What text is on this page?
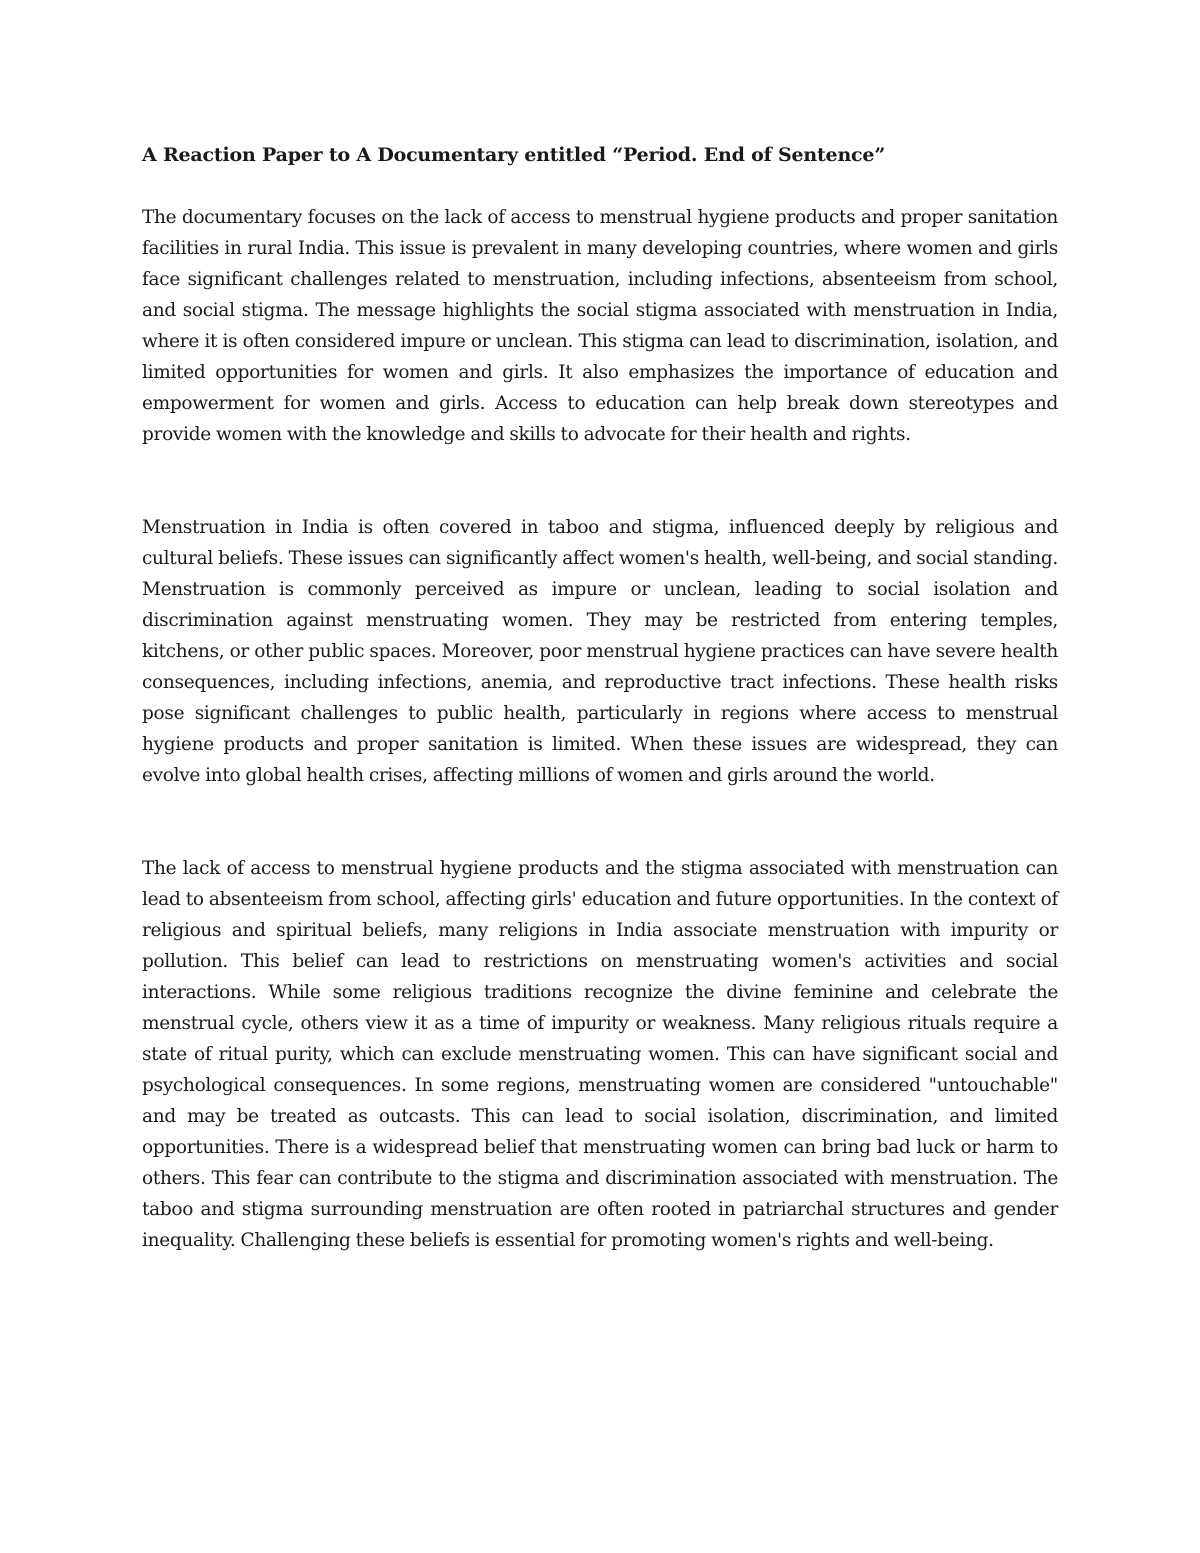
A Reaction Paper to A Documentary entitled “Period. End of Sentence”

The documentary focuses on the lack of access to menstrual hygiene products and proper sanitation facilities in rural India. This issue is prevalent in many developing countries, where women and girls face significant challenges related to menstruation, including infections, absenteeism from school, and social stigma. The message highlights the social stigma associated with menstruation in India, where it is often considered impure or unclean. This stigma can lead to discrimination, isolation, and limited opportunities for women and girls. It also emphasizes the importance of education and empowerment for women and girls. Access to education can help break down stereotypes and provide women with the knowledge and skills to advocate for their health and rights.

Menstruation in India is often covered in taboo and stigma, influenced deeply by religious and cultural beliefs. These issues can significantly affect women's health, well-being, and social standing. Menstruation is commonly perceived as impure or unclean, leading to social isolation and discrimination against menstruating women. They may be restricted from entering temples, kitchens, or other public spaces. Moreover, poor menstrual hygiene practices can have severe health consequences, including infections, anemia, and reproductive tract infections. These health risks pose significant challenges to public health, particularly in regions where access to menstrual hygiene products and proper sanitation is limited. When these issues are widespread, they can evolve into global health crises, affecting millions of women and girls around the world.

The lack of access to menstrual hygiene products and the stigma associated with menstruation can lead to absenteeism from school, affecting girls' education and future opportunities. In the context of religious and spiritual beliefs, many religions in India associate menstruation with impurity or pollution. This belief can lead to restrictions on menstruating women's activities and social interactions. While some religious traditions recognize the divine feminine and celebrate the menstrual cycle, others view it as a time of impurity or weakness. Many religious rituals require a state of ritual purity, which can exclude menstruating women. This can have significant social and psychological consequences. In some regions, menstruating women are considered "untouchable" and may be treated as outcasts. This can lead to social isolation, discrimination, and limited opportunities. There is a widespread belief that menstruating women can bring bad luck or harm to others. This fear can contribute to the stigma and discrimination associated with menstruation. The taboo and stigma surrounding menstruation are often rooted in patriarchal structures and gender inequality. Challenging these beliefs is essential for promoting women's rights and well-being.
